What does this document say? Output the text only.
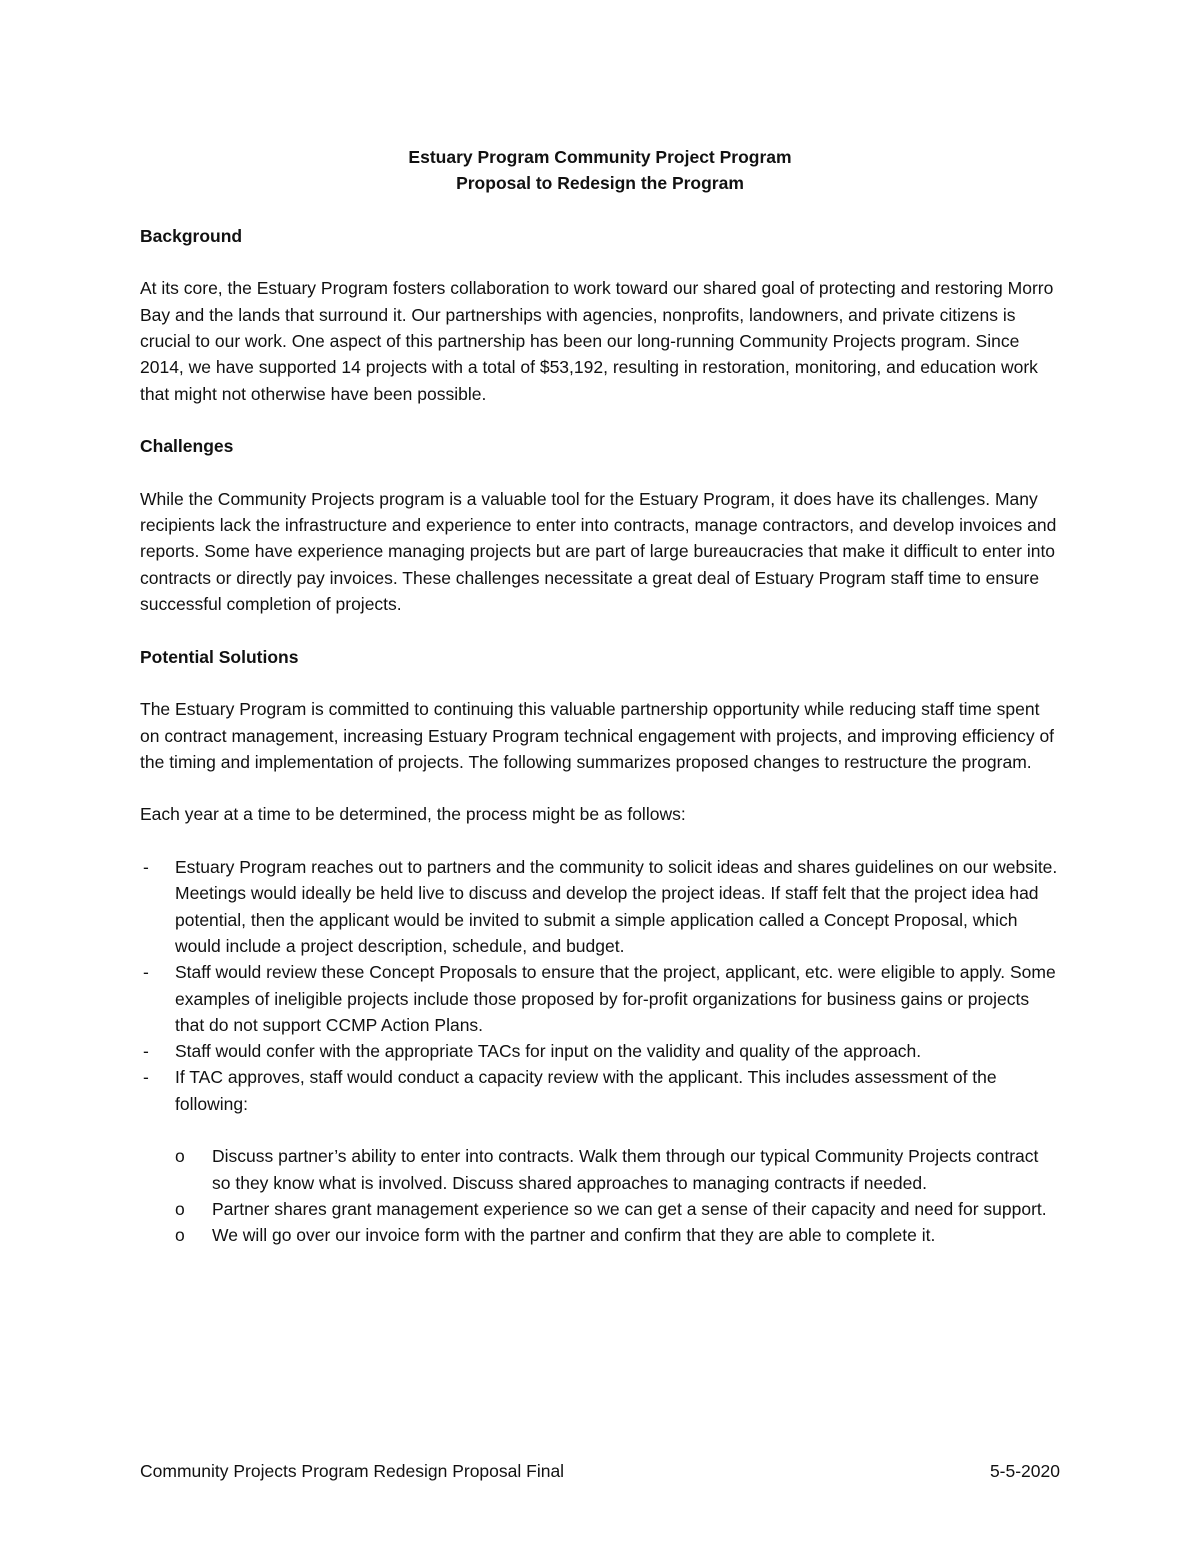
Estuary Program Community Project Program

Proposal to Redesign the Program

Background

At its core, the Estuary Program fosters collaboration to work toward our shared goal of protecting and restoring Morro Bay and the lands that surround it. Our partnerships with agencies, nonprofits, landowners, and private citizens is crucial to our work. One aspect of this partnership has been our long-running Community Projects program. Since 2014, we have supported 14 projects with a total of $53,192, resulting in restoration, monitoring, and education work that might not otherwise have been possible.

Challenges

While the Community Projects program is a valuable tool for the Estuary Program, it does have its challenges. Many recipients lack the infrastructure and experience to enter into contracts, manage contractors, and develop invoices and reports. Some have experience managing projects but are part of large bureaucracies that make it difficult to enter into contracts or directly pay invoices. These challenges necessitate a great deal of Estuary Program staff time to ensure successful completion of projects.

Potential Solutions

The Estuary Program is committed to continuing this valuable partnership opportunity while reducing staff time spent on contract management, increasing Estuary Program technical engagement with projects, and improving efficiency of the timing and implementation of projects. The following summarizes proposed changes to restructure the program.

Each year at a time to be determined, the process might be as follows:

- Estuary Program reaches out to partners and the community to solicit ideas and shares guidelines on our website. Meetings would ideally be held live to discuss and develop the project ideas. If staff felt that the project idea had potential, then the applicant would be invited to submit a simple application called a Concept Proposal, which would include a project description, schedule, and budget.
- Staff would review these Concept Proposals to ensure that the project, applicant, etc. were eligible to apply. Some examples of ineligible projects include those proposed by for-profit organizations for business gains or projects that do not support CCMP Action Plans.
- Staff would confer with the appropriate TACs for input on the validity and quality of the approach.
- If TAC approves, staff would conduct a capacity review with the applicant. This includes assessment of the following:
o Discuss partner’s ability to enter into contracts. Walk them through our typical Community Projects contract so they know what is involved. Discuss shared approaches to managing contracts if needed.
o Partner shares grant management experience so we can get a sense of their capacity and need for support.
o We will go over our invoice form with the partner and confirm that they are able to complete it.
Community Projects Program Redesign Proposal Final	5-5-2020
